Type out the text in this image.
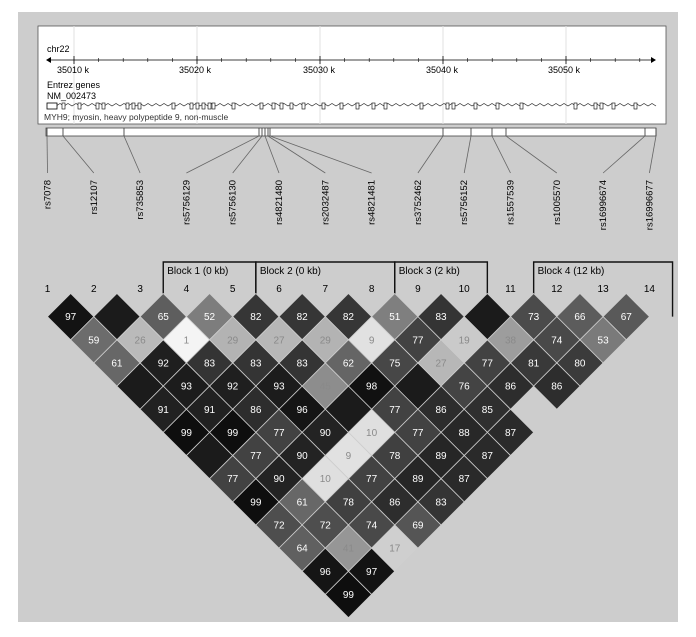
chr22
35010 k	35020 k	35030 k	35040 k	35050 k
Entrez genes
NM_002473
MYH9; myosin, heavy polypeptide 9, non-muscle
rs7078	rs12107	rs735853	rs5756129	rs5756130	rs4821480	rs2032487	rs4821481	rs3752462	rs5756152	rs1557539	rs1005570	rs16996674	rs16996677
Block 1 (0 kb)	Block 2 (0 kb)	Block 3 (2 kb)	Block 4 (12 kb)
1	2	3	4	5	6	7	8	9	10	11	12	13	14
97	65	52	82	82	82	51	83	73	66	67
59	26	1	29	27	29	9	77	19	38	74	53
61	92	83	83	83	62	75	27	77	81	80
93	92	93	45	98	76	86	86
91	91	86	96	77	86	85
99	99	77	90	10	77	88	87
77	90	9	78	89	87
77	90	10	77	89	87
99	61	78	86	83
72	72	74	69
64	41	17
96	97
99
